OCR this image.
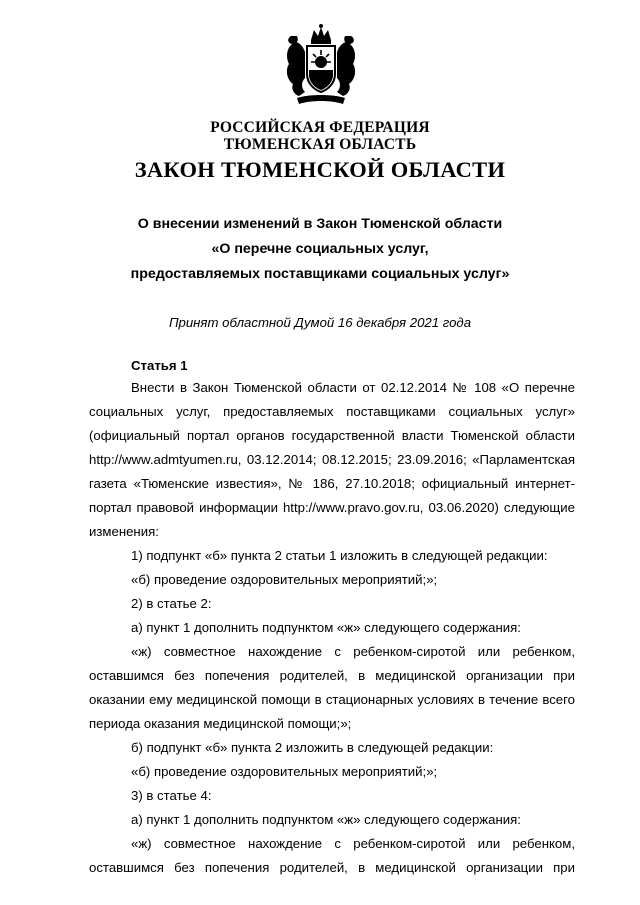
РОССИЙСКАЯ ФЕДЕРАЦИЯ
ТЮМЕНСКАЯ ОБЛАСТЬ
ЗАКОН ТЮМЕНСКОЙ ОБЛАСТИ
О внесении изменений в Закон Тюменской области
«О перечне социальных услуг,
предоставляемых поставщиками социальных услуг»
Принят областной Думой 16 декабря 2021 года
Статья 1
Внести в Закон Тюменской области от 02.12.2014 № 108 «О перечне
социальных услуг, предоставляемых поставщиками социальных услуг»
(официальный портал органов государственной власти Тюменской области
http://www.admtyumen.ru, 03.12.2014; 08.12.2015; 23.09.2016; «Парламентская
газета «Тюменские известия», № 186, 27.10.2018; официальный интернет-
портал правовой информации http://www.pravo.gov.ru, 03.06.2020) следующие
изменения:
1) подпункт «б» пункта 2 статьи 1 изложить в следующей редакции:
«б) проведение оздоровительных мероприятий;»;
2) в статье 2:
а) пункт 1 дополнить подпунктом «ж» следующего содержания:
«ж) совместное нахождение с ребенком-сиротой или ребенком,
оставшимся без попечения родителей, в медицинской организации при
оказании ему медицинской помощи в стационарных условиях в течение всего
периода оказания медицинской помощи;»;
б) подпункт «б» пункта 2 изложить в следующей редакции:
«б) проведение оздоровительных мероприятий;»;
3) в статье 4:
а) пункт 1 дополнить подпунктом «ж» следующего содержания:
«ж) совместное нахождение с ребенком-сиротой или ребенком,
оставшимся без попечения родителей, в медицинской организации при
